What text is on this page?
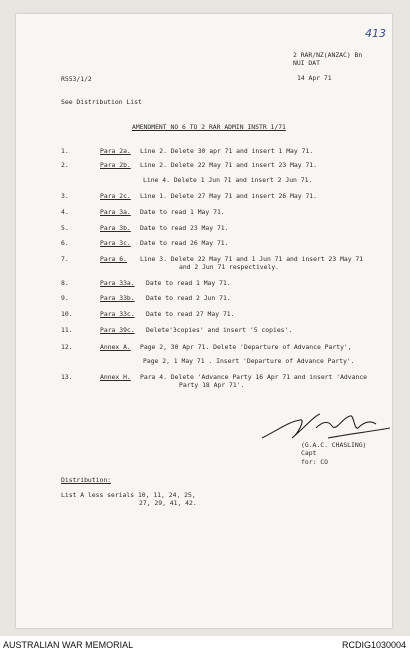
413
2 RAR/NZ(ANZAC) Bn
NUI DAT
14 Apr 71
R553/1/2
See Distribution List
AMENDMENT NO 6 TO 2 RAR ADMIN INSTR 1/71
1.	Para 2a. Line 2. Delete 30 apr 71 and insert 1 May 71.
2.	Para 2b. Line 2. Delete 22 May 71 and insert 23 May 71.
Line 4. Delete 1 Jun 71 and insert 2 Jun 71.
3.	Para 2c. Line 1. Delete 27 May 71 and insert 26 May 71.
4.	Para 3a. Date to read 1 May 71.
5.	Para 3b. Date to read 23 May 71.
6.	Para 3c. Date to read 26 May 71.
7.	Para 6. Line 3. Delete 22 May 71 and 1 Jun 71 and insert 23 May 71
and 2 Jun 71 respectively.
8.	Para 33a. Date to read 1 May 71.
9.	Para 33b. Date to read 2 Jun 71.
10.	Para 33c. Date to read 27 May 71.
11.	Para 39c. Delete'3copies' and insert '5 copies'.
12.	Annex A. Page 2, 30 Apr 71. Delete 'Departure of Advance Party',
Page 2, 1 May 71 . Insert 'Departure of Advance Party'.
13.	Annex H. Para 4. Delete 'Advance Party 16 Apr 71 and insert 'Advance
Party 18 Apr 71'.
(G.A.C. CHASLING)
Capt
for: CO
Distribution:
List A less serials 10, 11, 24, 25,
27, 29, 41, 42.
AUSTRALIAN WAR MEMORIAL	RCDIG1030004
